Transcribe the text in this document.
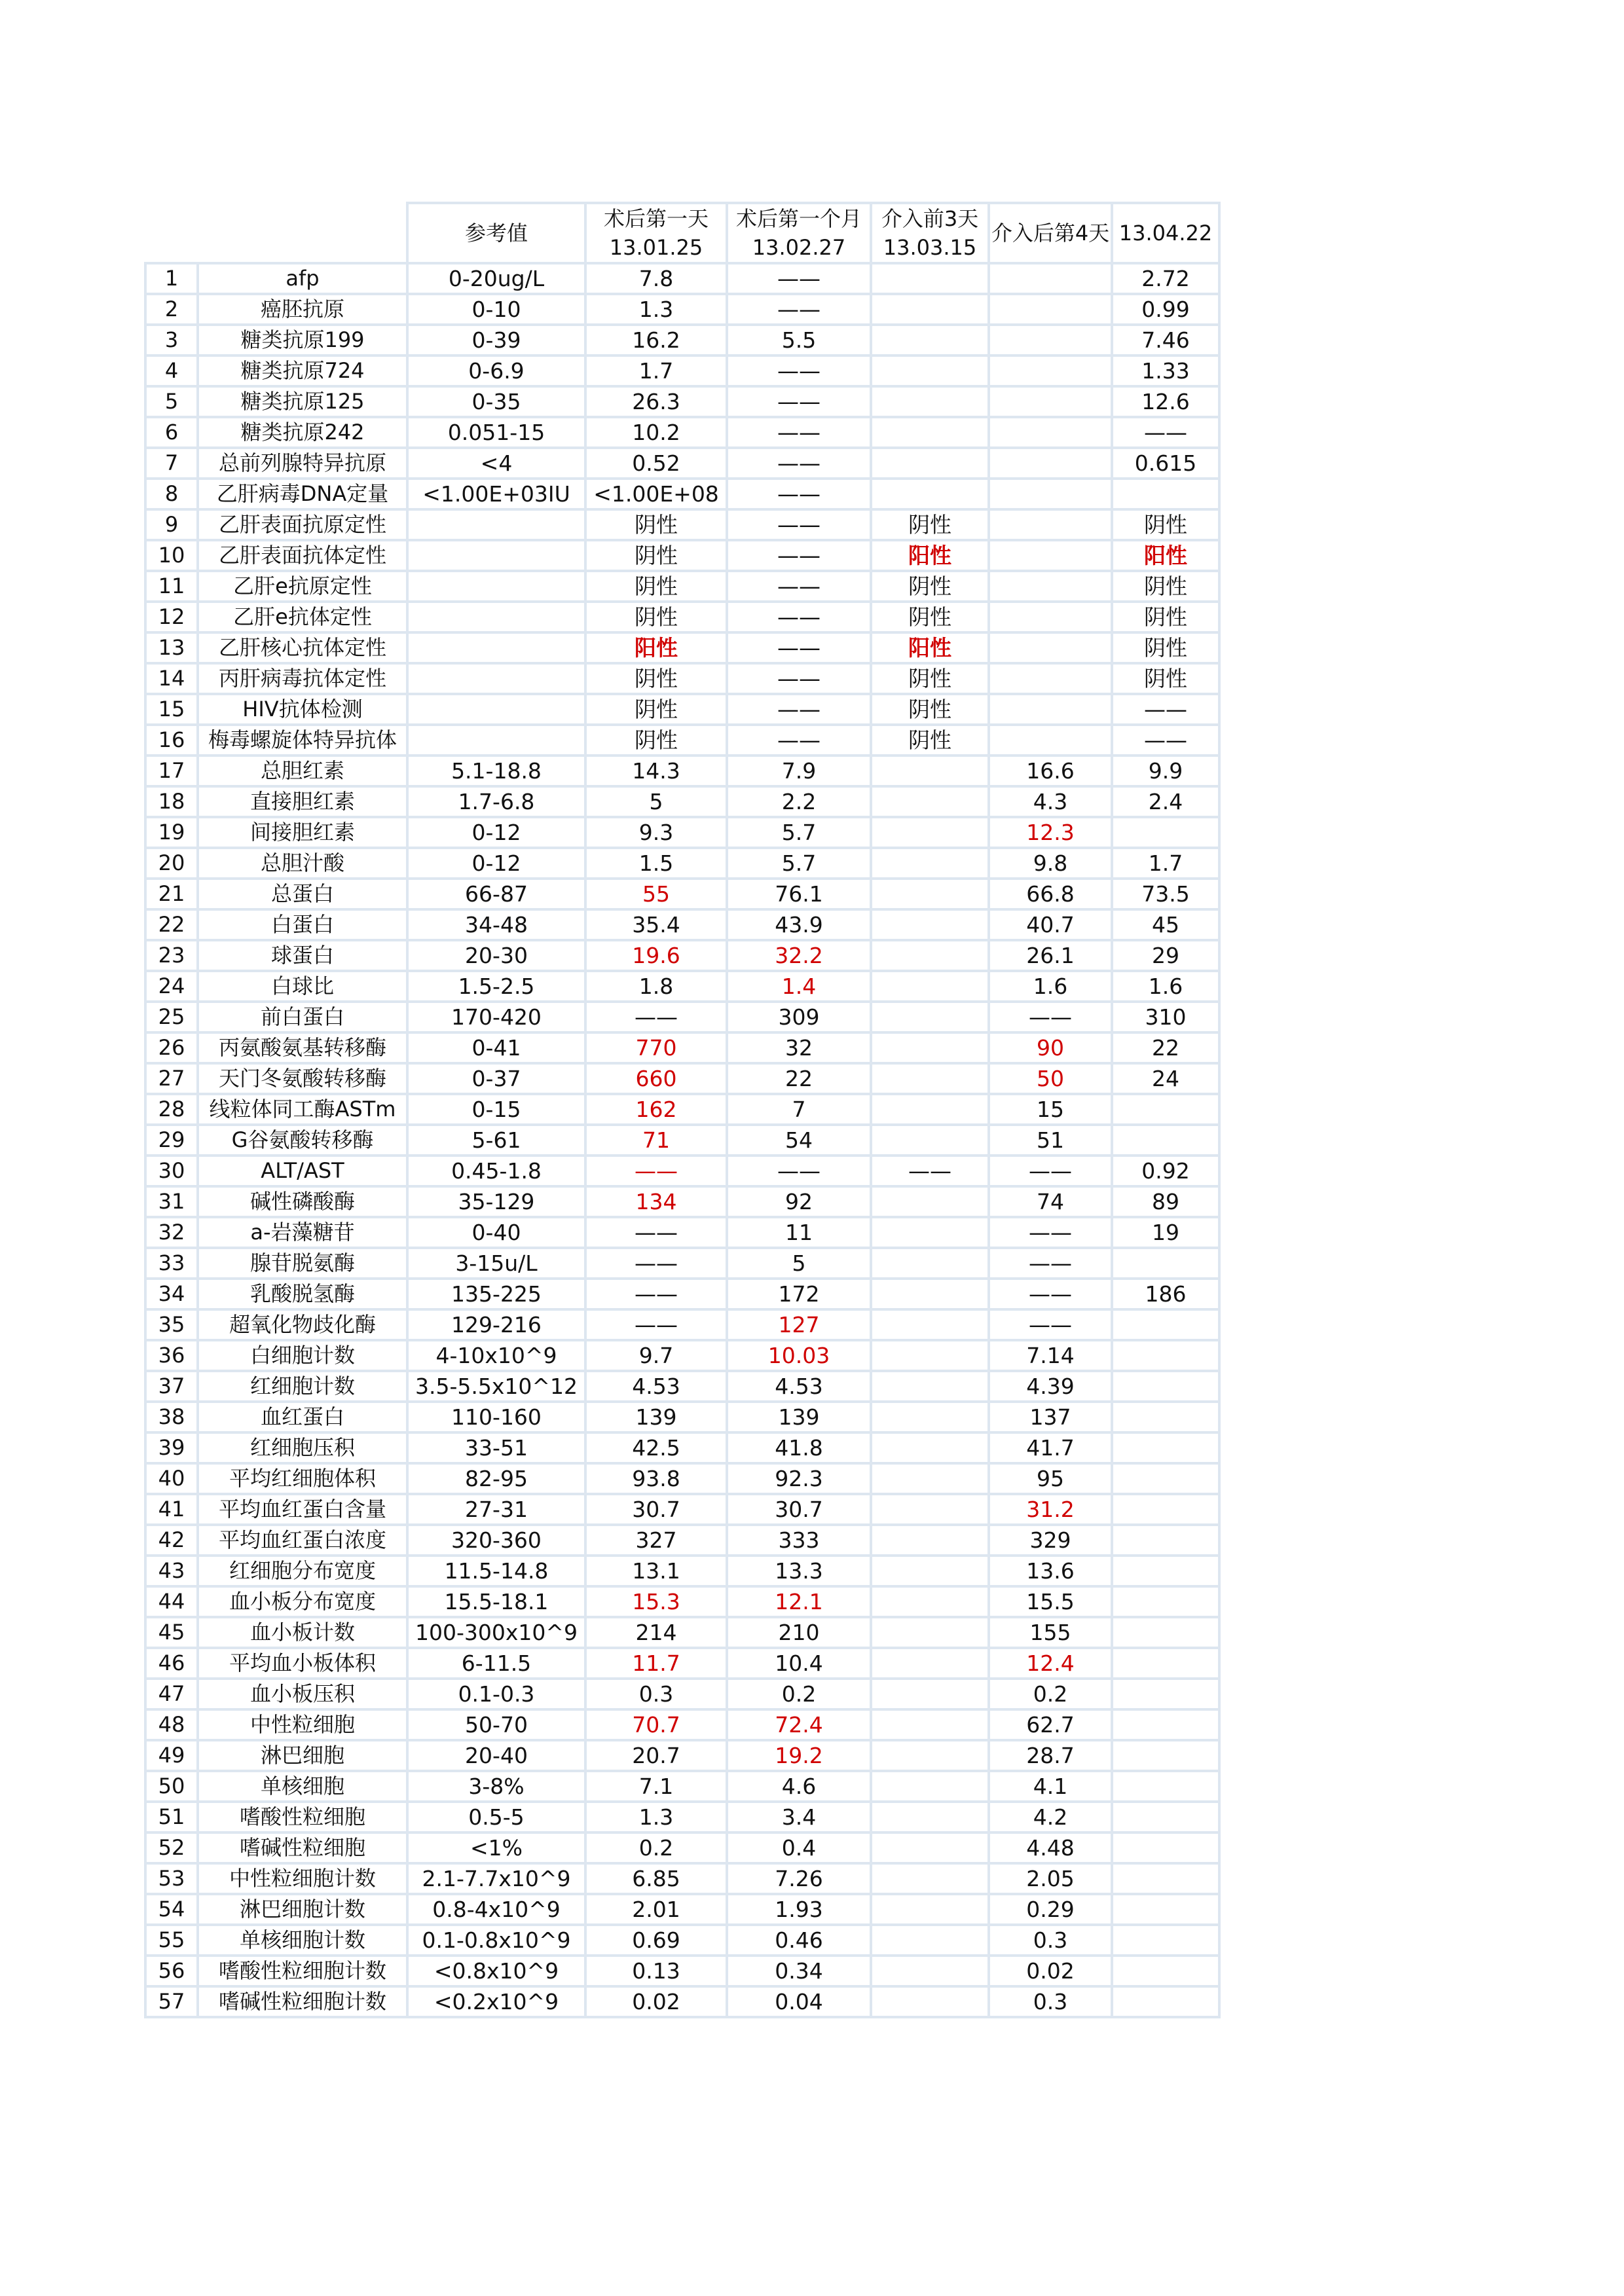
		参考值	术后第一天 13.01.25	术后第一个月 13.02.27	介入前3天 13.03.15	介入后第4天	13.04.22
1	afp	0-20ug/L	7.8	——			2.72
2	癌胚抗原	0-10	1.3	——			0.99
3	糖类抗原199	0-39	16.2	5.5			7.46
4	糖类抗原724	0-6.9	1.7	——			1.33
5	糖类抗原125	0-35	26.3	——			12.6
6	糖类抗原242	0.051-15	10.2	——			——
7	总前列腺特异抗原	<4	0.52	——			0.615
8	乙肝病毒DNA定量	<1.00E+03IU	<1.00E+08	——			
9	乙肝表面抗原定性		阴性	——	阴性		阴性
10	乙肝表面抗体定性		阴性	——	阳性		阳性
11	乙肝e抗原定性		阴性	——	阴性		阴性
12	乙肝e抗体定性		阴性	——	阴性		阴性
13	乙肝核心抗体定性		阳性	——	阳性		阴性
14	丙肝病毒抗体定性		阴性	——	阴性		阴性
15	HIV抗体检测		阴性	——	阴性		——
16	梅毒螺旋体特异抗体		阴性	——	阴性		——
17	总胆红素	5.1-18.8	14.3	7.9		16.6	9.9
18	直接胆红素	1.7-6.8	5	2.2		4.3	2.4
19	间接胆红素	0-12	9.3	5.7		12.3	
20	总胆汁酸	0-12	1.5	5.7		9.8	1.7
21	总蛋白	66-87	55	76.1		66.8	73.5
22	白蛋白	34-48	35.4	43.9		40.7	45
23	球蛋白	20-30	19.6	32.2		26.1	29
24	白球比	1.5-2.5	1.8	1.4		1.6	1.6
25	前白蛋白	170-420	——	309		——	310
26	丙氨酸氨基转移酶	0-41	770	32		90	22
27	天门冬氨酸转移酶	0-37	660	22		50	24
28	线粒体同工酶ASTm	0-15	162	7		15	
29	G谷氨酸转移酶	5-61	71	54		51	
30	ALT/AST	0.45-1.8	——	——	——	——	0.92
31	碱性磷酸酶	35-129	134	92		74	89
32	a-岩藻糖苷	0-40	——	11		——	19
33	腺苷脱氨酶	3-15u/L	——	5		——	
34	乳酸脱氢酶	135-225	——	172		——	186
35	超氧化物歧化酶	129-216	——	127		——	
36	白细胞计数	4-10x10^9	9.7	10.03		7.14	
37	红细胞计数	3.5-5.5x10^12	4.53	4.53		4.39	
38	血红蛋白	110-160	139	139		137	
39	红细胞压积	33-51	42.5	41.8		41.7	
40	平均红细胞体积	82-95	93.8	92.3		95	
41	平均血红蛋白含量	27-31	30.7	30.7		31.2	
42	平均血红蛋白浓度	320-360	327	333		329	
43	红细胞分布宽度	11.5-14.8	13.1	13.3		13.6	
44	血小板分布宽度	15.5-18.1	15.3	12.1		15.5	
45	血小板计数	100-300x10^9	214	210		155	
46	平均血小板体积	6-11.5	11.7	10.4		12.4	
47	血小板压积	0.1-0.3	0.3	0.2		0.2	
48	中性粒细胞	50-70	70.7	72.4		62.7	
49	淋巴细胞	20-40	20.7	19.2		28.7	
50	单核细胞	3-8%	7.1	4.6		4.1	
51	嗜酸性粒细胞	0.5-5	1.3	3.4		4.2	
52	嗜碱性粒细胞	<1%	0.2	0.4		4.48	
53	中性粒细胞计数	2.1-7.7x10^9	6.85	7.26		2.05	
54	淋巴细胞计数	0.8-4x10^9	2.01	1.93		0.29	
55	单核细胞计数	0.1-0.8x10^9	0.69	0.46		0.3	
56	嗜酸性粒细胞计数	<0.8x10^9	0.13	0.34		0.02	
57	嗜碱性粒细胞计数	<0.2x10^9	0.02	0.04		0.3	
